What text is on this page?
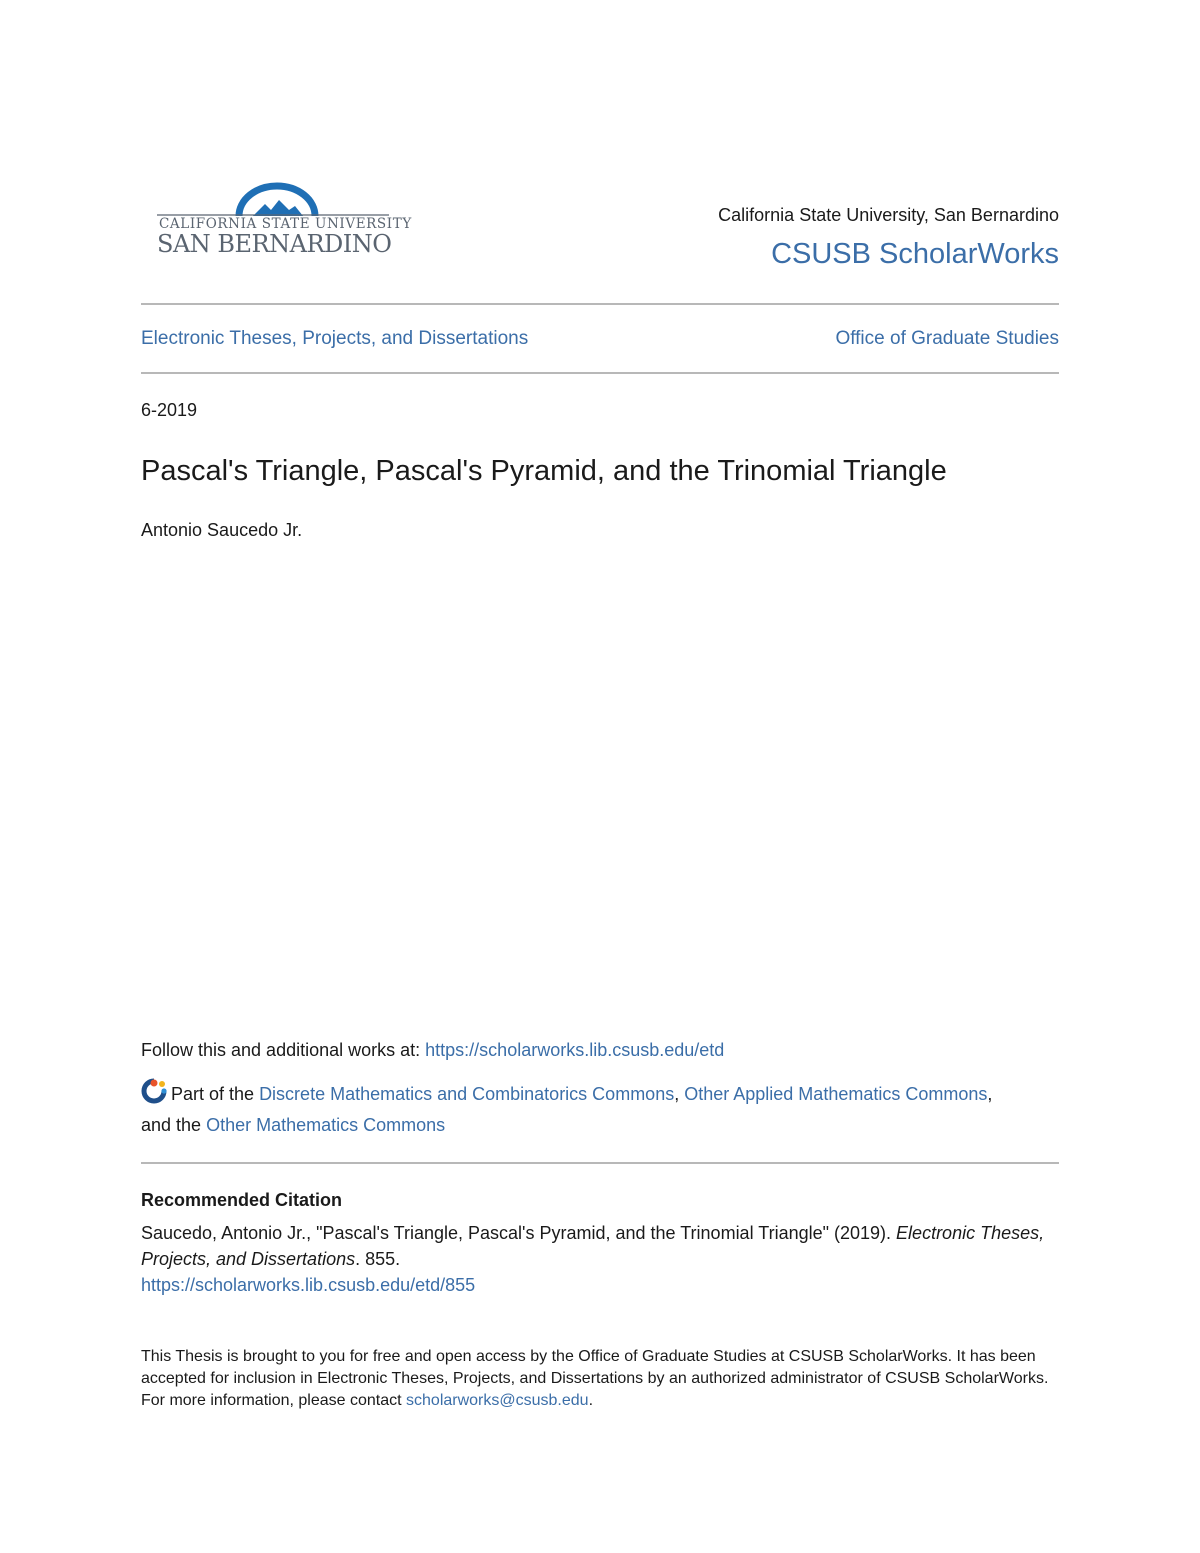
CALIFORNIA STATE UNIVERSITY
SAN BERNARDINO
California State University, San Bernardino
CSUSB ScholarWorks
Electronic Theses, Projects, and Dissertations	Office of Graduate Studies
6-2019
Pascal's Triangle, Pascal's Pyramid, and the Trinomial Triangle
Antonio Saucedo Jr.
Follow this and additional works at: https://scholarworks.lib.csusb.edu/etd
Part of the Discrete Mathematics and Combinatorics Commons, Other Applied Mathematics Commons, and the Other Mathematics Commons
Recommended Citation
Saucedo, Antonio Jr., "Pascal's Triangle, Pascal's Pyramid, and the Trinomial Triangle" (2019). Electronic Theses, Projects, and Dissertations. 855.
https://scholarworks.lib.csusb.edu/etd/855
This Thesis is brought to you for free and open access by the Office of Graduate Studies at CSUSB ScholarWorks. It has been accepted for inclusion in Electronic Theses, Projects, and Dissertations by an authorized administrator of CSUSB ScholarWorks. For more information, please contact scholarworks@csusb.edu.
